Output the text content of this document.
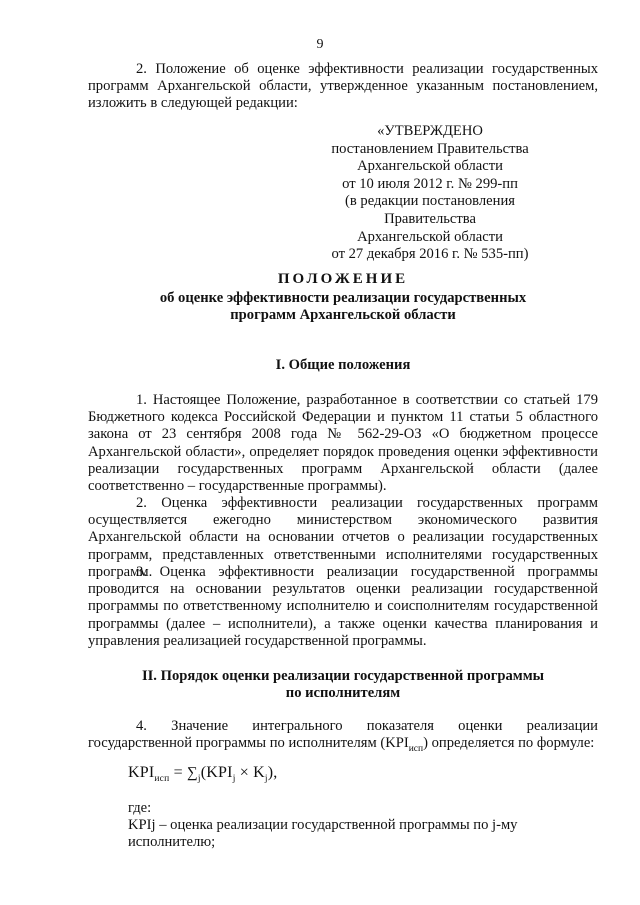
9

2. Положение об оценке эффективности реализации государственных программ Архангельской области, утвержденное указанным постановлением, изложить в следующей редакции:

«УТВЕРЖДЕНО
постановлением Правительства
Архангельской области
от 10 июля 2012 г. № 299-пп
(в редакции постановления Правительства
Архангельской области
от 27 декабря 2016 г. № 535-пп)
ПОЛОЖЕНИЕ
об оценке эффективности реализации государственных
программ Архангельской области
I. Общие положения

1. Настоящее Положение, разработанное в соответствии со статьей 179 Бюджетного кодекса Российской Федерации и пунктом 11 статьи 5 областного закона от 23 сентября 2008 года № 562-29-ОЗ «О бюджетном процессе Архангельской области», определяет порядок проведения оценки эффективности реализации государственных программ Архангельской области (далее соответственно – государственные программы).

2. Оценка эффективности реализации государственных программ осуществляется ежегодно министерством экономического развития Архангельской области на основании отчетов о реализации государственных программ, представленных ответственными исполнителями государственных программ.

3. Оценка эффективности реализации государственной программы проводится на основании результатов оценки реализации государственной программы по ответственному исполнителю и соисполнителям государственной программы (далее – исполнители), а также оценки качества планирования и управления реализацией государственной программы.

II. Порядок оценки реализации государственной программы
по исполнителям

4. Значение интегрального показателя оценки реализации государственной программы по исполнителям $(KPI_{исп})$ определяется по формуле:

$KPI_{исп} = \sum_j(KPI_j \times K_j)$,
где:
KPIj – оценка реализации государственной программы по j-му исполнителю;
